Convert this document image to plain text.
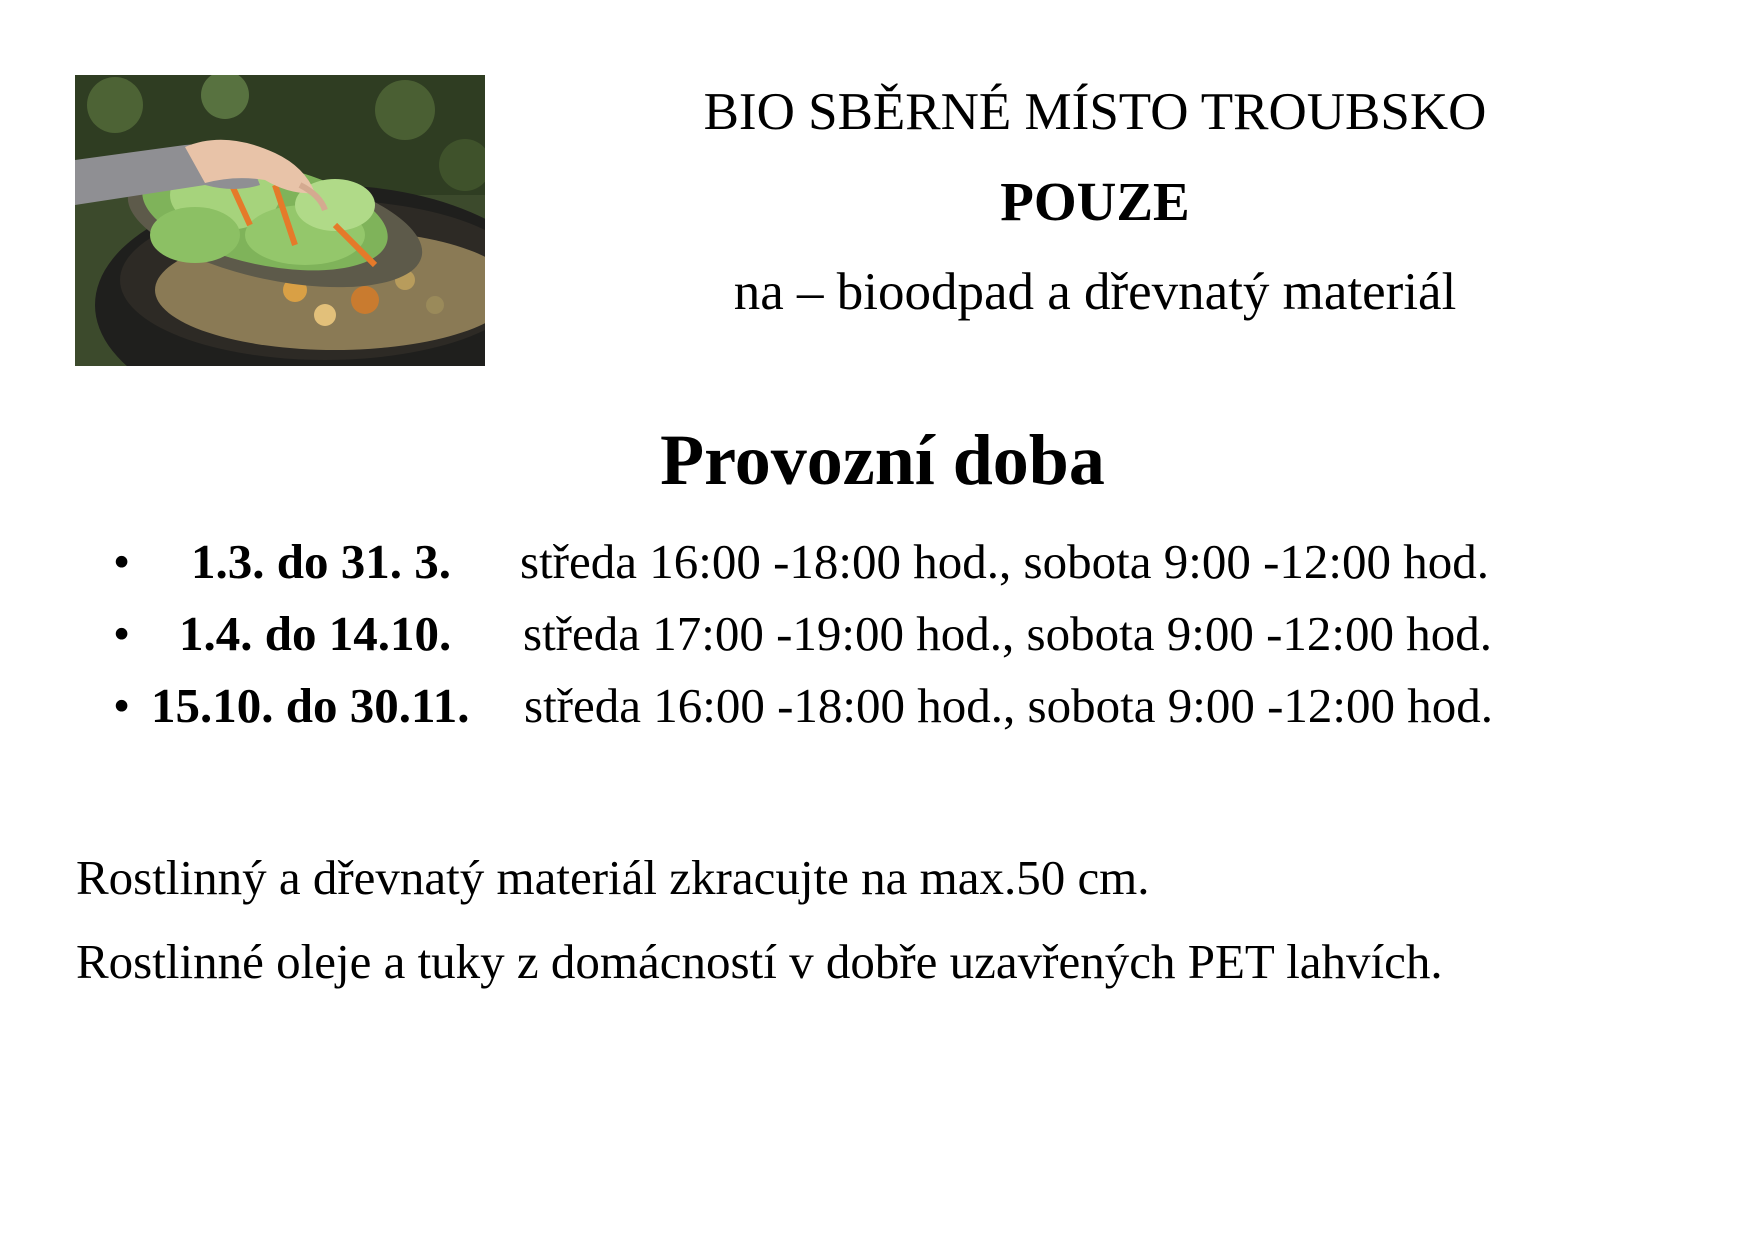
BIO SBĚRNÉ MÍSTO TROUBSKO
POUZE
na – bioodpad a dřevnatý materiál
Provozní doba
• 1.3. do 31. 3. středa 16:00 -18:00 hod., sobota 9:00 -12:00 hod.
• 1.4. do 14.10. středa 17:00 -19:00 hod., sobota 9:00 -12:00 hod.
• 15.10. do 30.11. středa 16:00 -18:00 hod., sobota 9:00 -12:00 hod.
Rostlinný a dřevnatý materiál zkracujte na max.50 cm.
Rostlinné oleje a tuky z domácností v dobře uzavřených PET lahvích.
